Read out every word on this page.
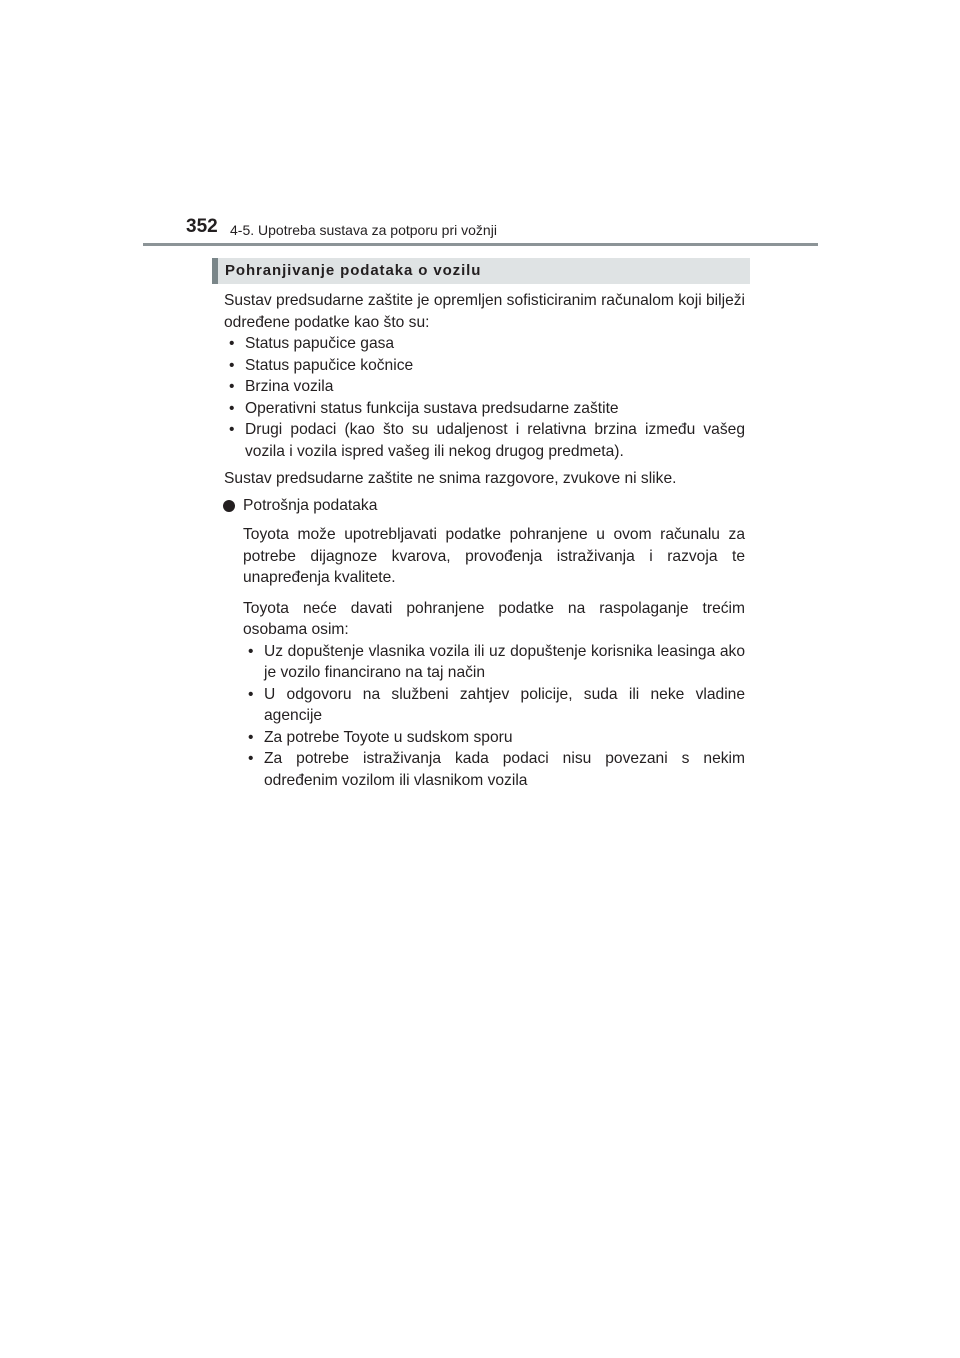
352 4-5. Upotreba sustava za potporu pri vožnji
Pohranjivanje podataka o vozilu

Sustav predsudarne zaštite je opremljen sofisticiranim računalom koji bilježi određene podatke kao što su:

• Status papučice gasa
• Status papučice kočnice
• Brzina vozila
• Operativni status funkcija sustava predsudarne zaštite
• Drugi podaci (kao što su udaljenost i relativna brzina između vašeg vozila i vozila ispred vašeg ili nekog drugog predmeta).

Sustav predsudarne zaštite ne snima razgovore, zvukove ni slike.

Potrošnja podataka

Toyota može upotrebljavati podatke pohranjene u ovom računalu za potrebe dijagnoze kvarova, provođenja istraživanja i razvoja te unapređenja kvalitete.

Toyota neće davati pohranjene podatke na raspolaganje trećim osobama osim:

• Uz dopuštenje vlasnika vozila ili uz dopuštenje korisnika leasinga ako je vozilo financirano na taj način
• U odgovoru na službeni zahtjev policije, suda ili neke vladine agencije
• Za potrebe Toyote u sudskom sporu
• Za potrebe istraživanja kada podaci nisu povezani s nekim određenim vozilom ili vlasnikom vozila
